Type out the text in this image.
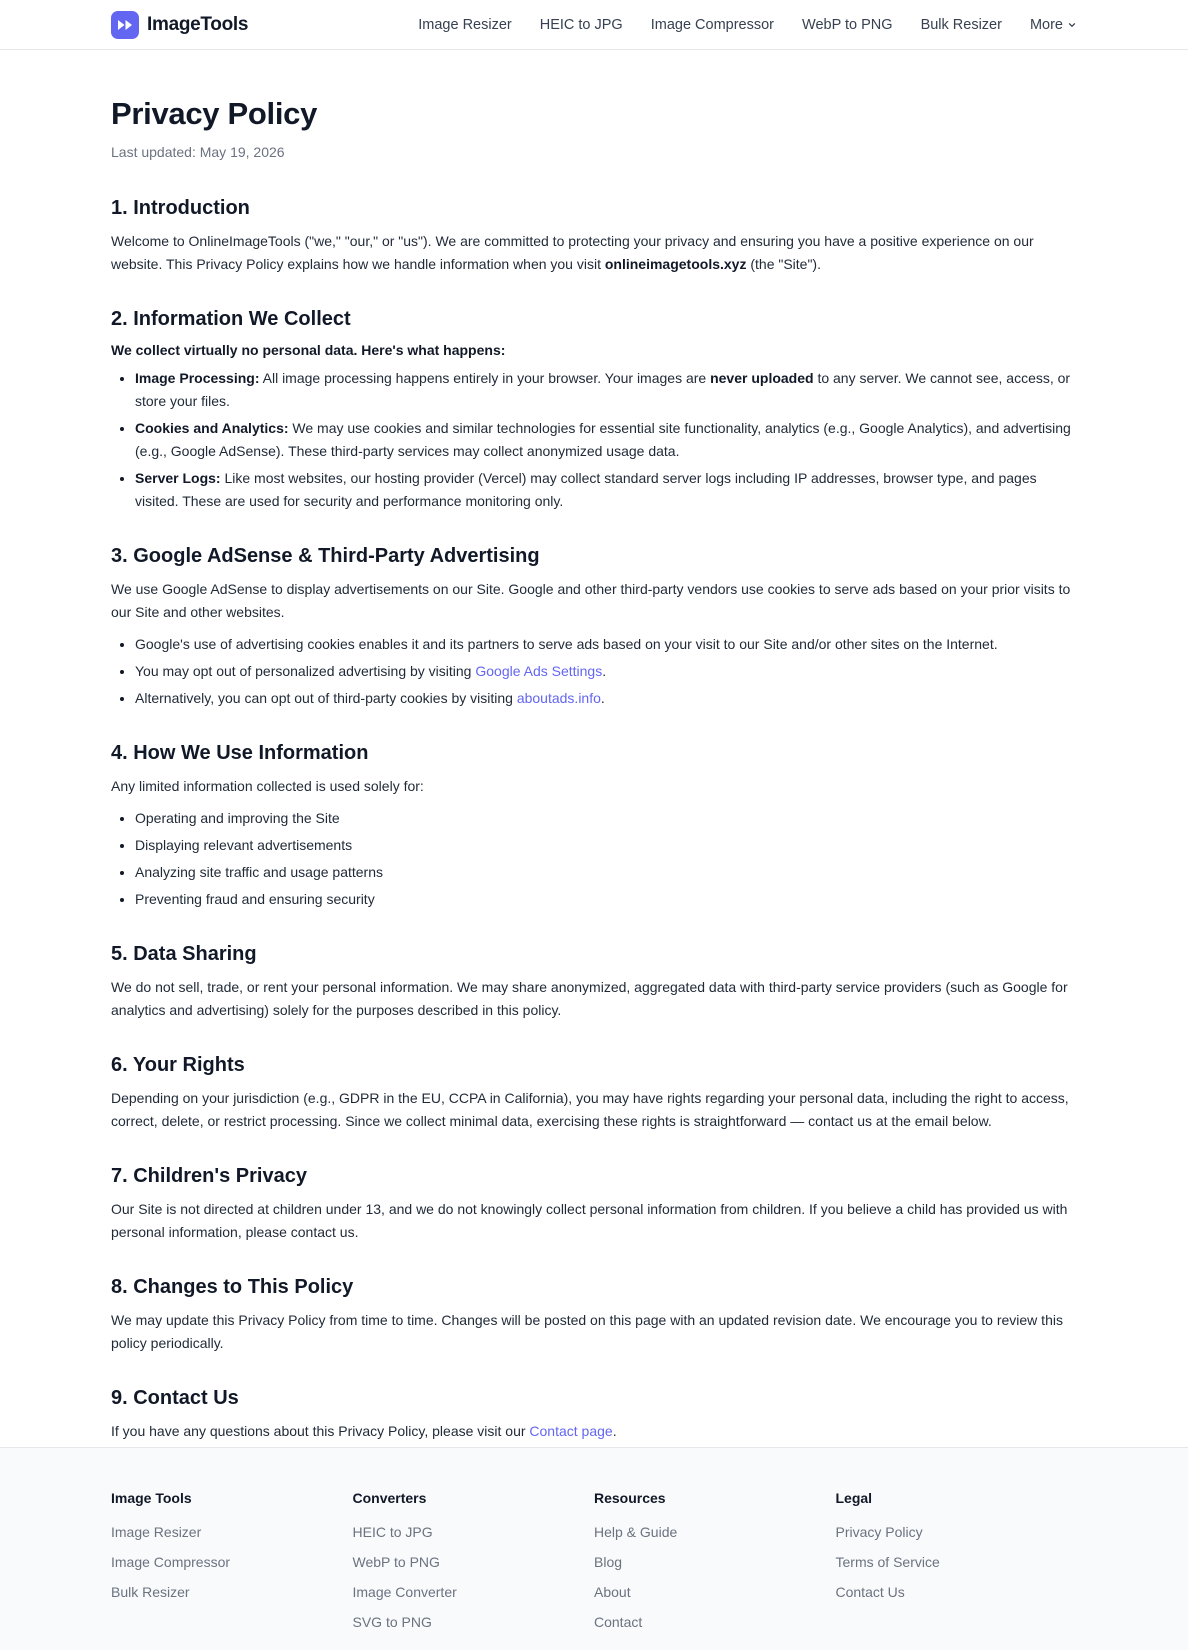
ImageTools	Image Resizer HEIC to JPG Image Compressor WebP to PNG Bulk Resizer More
Privacy Policy
Last updated: May 19, 2026
1. Introduction

Welcome to OnlineImageTools ("we," "our," or "us"). We are committed to protecting your privacy and ensuring you have a positive experience on our website. This Privacy Policy explains how we handle information when you visit onlineimagetools.xyz (the "Site").

2. Information We Collect

We collect virtually no personal data. Here's what happens:

• Image Processing: All image processing happens entirely in your browser. Your images are never uploaded to any server. We cannot see, access, or store your files.
• Cookies and Analytics: We may use cookies and similar technologies for essential site functionality, analytics (e.g., Google Analytics), and advertising (e.g., Google AdSense). These third-party services may collect anonymized usage data.
• Server Logs: Like most websites, our hosting provider (Vercel) may collect standard server logs including IP addresses, browser type, and pages visited. These are used for security and performance monitoring only.
3. Google AdSense & Third-Party Advertising

We use Google AdSense to display advertisements on our Site. Google and other third-party vendors use cookies to serve ads based on your prior visits to our Site and other websites.

• Google's use of advertising cookies enables it and its partners to serve ads based on your visit to our Site and/or other sites on the Internet.
• You may opt out of personalized advertising by visiting Google Ads Settings.
• Alternatively, you can opt out of third-party cookies by visiting aboutads.info.
4. How We Use Information

Any limited information collected is used solely for:

• Operating and improving the Site
• Displaying relevant advertisements
• Analyzing site traffic and usage patterns
• Preventing fraud and ensuring security
5. Data Sharing

We do not sell, trade, or rent your personal information. We may share anonymized, aggregated data with third-party service providers (such as Google for analytics and advertising) solely for the purposes described in this policy.

6. Your Rights

Depending on your jurisdiction (e.g., GDPR in the EU, CCPA in California), you may have rights regarding your personal data, including the right to access, correct, delete, or restrict processing. Since we collect minimal data, exercising these rights is straightforward — contact us at the email below.

7. Children's Privacy

Our Site is not directed at children under 13, and we do not knowingly collect personal information from children. If you believe a child has provided us with personal information, please contact us.

8. Changes to This Policy

We may update this Privacy Policy from time to time. Changes will be posted on this page with an updated revision date. We encourage you to review this policy periodically.

9. Contact Us

If you have any questions about this Privacy Policy, please visit our Contact page.

Image Tools
Image Resizer
Image Compressor
Bulk Resizer
Converters
HEIC to JPG
WebP to PNG
Image Converter
SVG to PNG
Resources
Help & Guide
Blog
About
Contact
Legal
Privacy Policy
Terms of Service
Contact Us
